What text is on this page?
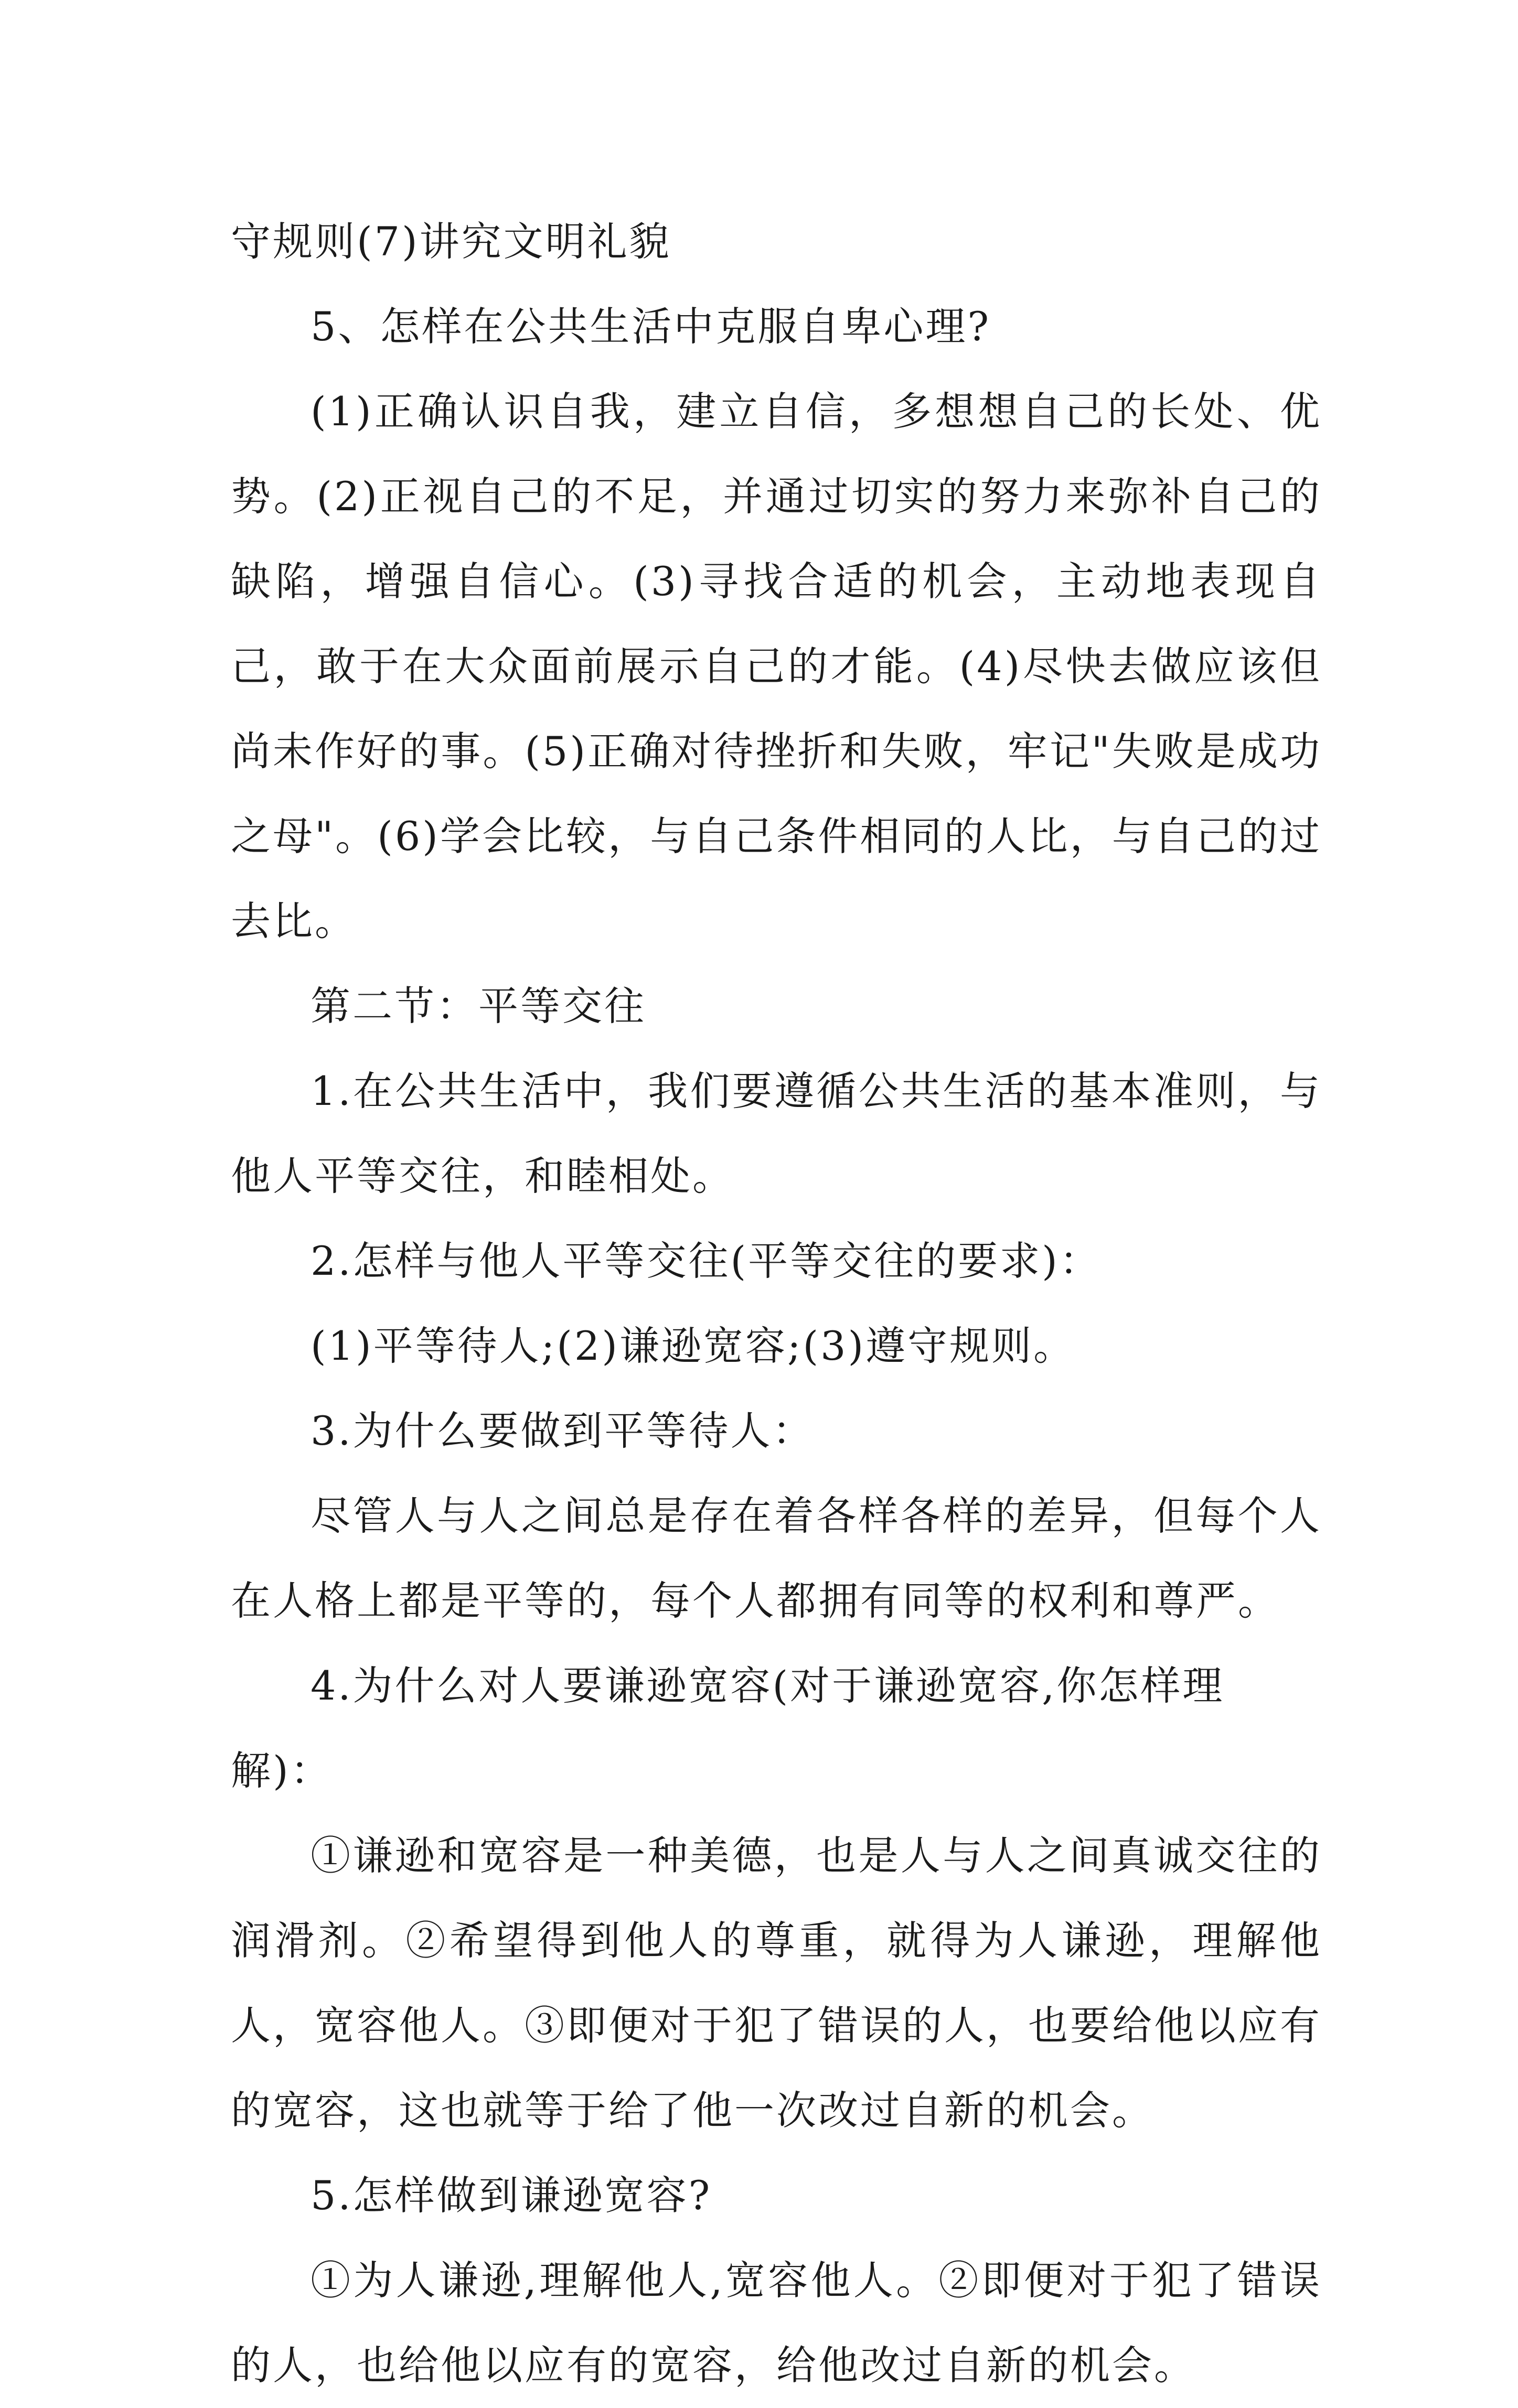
守规则(7)讲究文明礼貌

5、怎样在公共生活中克服自卑心理?

(1)正确认识自我，建立自信，多想想自己的长处、优势。(2)正视自己的不足，并通过切实的努力来弥补自己的缺陷，增强自信心。(3)寻找合适的机会，主动地表现自己，敢于在大众面前展示自己的才能。(4)尽快去做应该但尚未作好的事。(5)正确对待挫折和失败，牢记"失败是成功之母"。(6)学会比较，与自己条件相同的人比，与自己的过去比。

第二节：平等交往

1.在公共生活中，我们要遵循公共生活的基本准则，与他人平等交往，和睦相处。

2.怎样与他人平等交往(平等交往的要求)：

(1)平等待人;(2)谦逊宽容;(3)遵守规则。

3.为什么要做到平等待人：

尽管人与人之间总是存在着各样各样的差异，但每个人在人格上都是平等的，每个人都拥有同等的权利和尊严。

4.为什么对人要谦逊宽容(对于谦逊宽容,你怎样理解)：

①谦逊和宽容是一种美德，也是人与人之间真诚交往的润滑剂。②希望得到他人的尊重，就得为人谦逊，理解他人，宽容他人。③即便对于犯了错误的人，也要给他以应有的宽容，这也就等于给了他一次改过自新的机会。

5.怎样做到谦逊宽容?

①为人谦逊,理解他人,宽容他人。②即便对于犯了错误的人，也给他以应有的宽容，给他改过自新的机会。
